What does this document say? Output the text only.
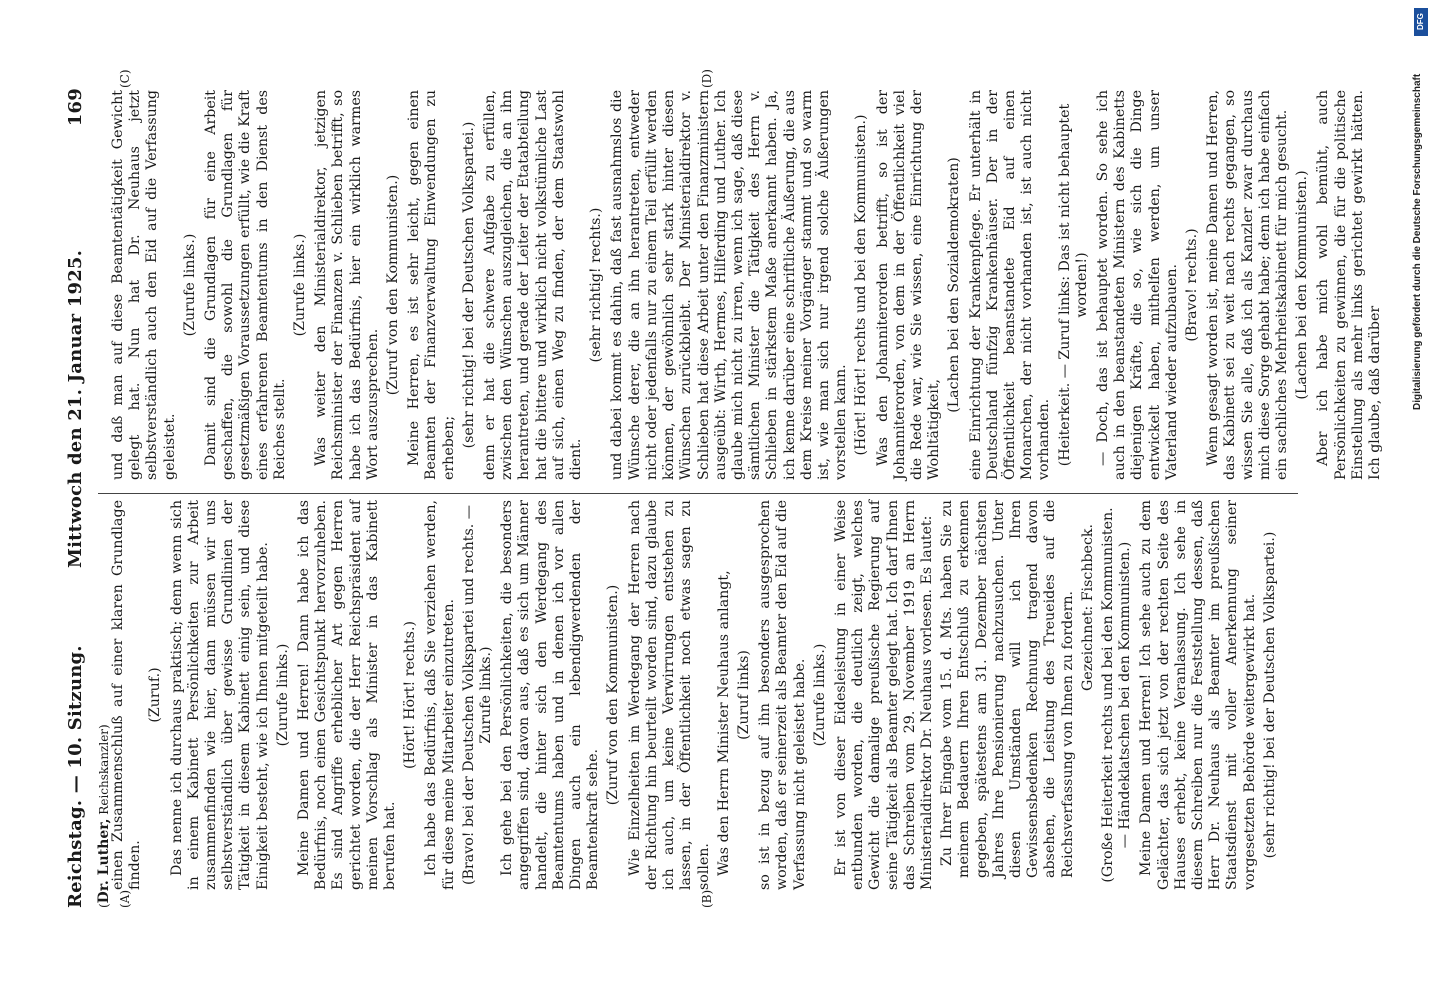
Reichstag. — 10. Sitzung.
Mittwoch den 21. Januar 1925.
169
(Dr. Luther, Reichskanzler)
(A)	(B)
(C)	(D)

einen Zusammenschluß auf einer klaren Grundlage finden.

(Zuruf.) Das nenne ich durchaus praktisch; denn wenn sich in einem Kabinett Persönlichkeiten zur Arbeit zusammenfinden wie hier, dann müssen wir uns selbstverständlich über gewisse Grundlinien der Tätigkeit in diesem Kabinett einig sein, und diese Einigkeit besteht, wie ich Ihnen mitgeteilt habe. (Zurufe links.) Meine Damen und Herren! Dann habe ich das Bedürfnis, noch einen Gesichtspunkt hervorzuheben. Es sind Angriffe erheblicher Art gegen Herren gerichtet worden, die der Herr Reichspräsident auf meinen Vorschlag als Minister in das Kabinett berufen hat.

(Hört! Hört! rechts.) Ich habe das Bedürfnis, daß Sie verziehen werden, für diese meine Mitarbeiter einzutreten. (Bravo! bei der Deutschen Volkspartei und rechts. — Zurufe links.) Ich gehe bei den Persönlichkeiten, die besonders angegriffen sind, davon aus, daß es sich um Männer handelt, die hinter sich den Werdegang des Beamtentums haben und in denen ich vor allen Dingen auch ein lebendigwerdenden der Beamtenkraft sehe.

(Zuruf von den Kommunisten.) Wie Einzelheiten im Werdegang der Herren nach der Richtung hin beurteilt worden sind, dazu glaube ich auch, um keine Verwirrungen entstehen zu lassen, in der Öffentlichkeit noch etwas sagen zu sollen. Was den Herrn Minister Neuhaus anlangt, (Zuruf links) so ist in bezug auf ihn besonders ausgesprochen worden, daß er seinerzeit als Beamter den Eid auf die Verfassung nicht geleistet habe. (Zurufe links.) Er ist von dieser Eidesleistung in einer Weise entbunden worden, die deutlich zeigt, welches Gewicht die damalige preußische Regierung auf seine Tätigkeit als Beamter gelegt hat. Ich darf Ihnen das Schreiben vom 29. November 1919 an Herrn Ministerialdirektor Dr. Neuhaus vorlesen. Es lautet: Zu Ihrer Eingabe vom 15. d. Mts. haben Sie zu meinem Bedauern Ihren Entschluß zu erkennen gegeben, spätestens am 31. Dezember nächsten Jahres Ihre Pensionierung nachzusuchen. Unter diesen Umständen will ich Ihren Gewissensbedenken Rechnung tragend davon absehen, die Leistung des Treueides auf die Reichsverfassung von Ihnen zu fordern. Gezeichnet: Fischbeck. (Große Heiterkeit rechts und bei den Kommunisten. — Händeklatschen bei den Kommunisten.) Meine Damen und Herren! Ich sehe auch zu dem Gelächter, das sich jetzt von der rechten Seite des Hauses erhebt, keine Veranlassung. Ich sehe in diesem Schreiben nur die Feststellung dessen, daß Herr Dr. Neuhaus als Beamter im preußischen Staatsdienst mit voller Anerkennung seiner vorgesetzten Behörde weitergewirkt hat. (sehr richtig! bei der Deutschen Volkspartei.)

und daß man auf diese Beamtentätigkeit Gewicht gelegt hat. Nun hat Dr. Neuhaus jetzt selbstverständlich auch den Eid auf die Verfassung geleistet.

(Zurufe links.) Damit sind die Grundlagen für eine Arbeit geschaffen, die sowohl die Grundlagen für gesetzmäßigen Voraussetzungen erfüllt, wie die Kraft eines erfahrenen Beamtentums in den Dienst des Reiches stellt.

(Zurufe links.) Was weiter den Ministerialdirektor, jetzigen Reichsminister der Finanzen v. Schlieben betrifft, so habe ich das Bedürfnis, hier ein wirklich warmes Wort auszusprechen.

(Zuruf von den Kommunisten.) Meine Herren, es ist sehr leicht, gegen einen Beamten der Finanzverwaltung Einwendungen zu erheben; (sehr richtig! bei der Deutschen Volkspartei.) denn er hat die schwere Aufgabe zu erfüllen, zwischen den Wünschen auszugleichen, die an ihn herantreten, und gerade der Leiter der Etatabteilung hat die bittere und wirklich nicht volkstümliche Last auf sich, einen Weg zu finden, der dem Staatswohl dient.

(sehr richtig! rechts.) und dabei kommt es dahin, daß fast ausnahmslos die Wünsche derer, die an ihn herantreten, entweder nicht oder jedenfalls nur zu einem Teil erfüllt werden können, der gewöhnlich sehr stark hinter diesen Wünschen zurückbleibt. Der Ministerialdirektor v. Schlieben hat diese Arbeit unter den Finanzministern ausgeübt: Wirth, Hermes, Hilferding und Luther. Ich glaube mich nicht zu irren, wenn ich sage, daß diese sämtlichen Minister die Tätigkeit des Herrn v. Schlieben in stärkstem Maße anerkannt haben. Ja, ich kenne darüber eine schriftliche Äußerung, die aus dem Kreise meiner Vorgänger stammt und so warm ist, wie man sich nur irgend solche Äußerungen vorstellen kann. (Hört! Hört! rechts und bei den Kommunisten.) Was den Johanniterorden betrifft, so ist der Johanniterorden, von dem in der Öffentlichkeit viel die Rede war, wie Sie wissen, eine Einrichtung der Wohltätigkeit,

(Lachen bei den Sozialdemokraten) eine Einrichtung der Krankenpflege. Er unterhält in Deutschland fünfzig Krankenhäuser. Der in der Öffentlichkeit beanstandete Eid auf einen Monarchen, der nicht vorhanden ist, ist auch nicht vorhanden. (Heiterkeit. — Zuruf links: Das ist nicht behauptet worden!) — Doch, das ist behauptet worden. So sehe ich auch in den beanstandeten Ministern des Kabinetts diejenigen Kräfte, die so, wie sich die Dinge entwickelt haben, mithelfen werden, um unser Vaterland wieder aufzubauen. (Bravo! rechts.) Wenn gesagt worden ist, meine Damen und Herren, das Kabinett sei zu weit nach rechts gegangen, so wissen Sie alle, daß ich als Kanzler zwar durchaus mich diese Sorge gehabt habe; denn ich habe einfach ein sachliches Mehrheitskabinett für mich gesucht. (Lachen bei den Kommunisten.) Aber ich habe mich wohl bemüht, auch Persönlichkeiten zu gewinnen, die für die politische Einstellung als mehr links gerichtet gewirkt hätten. Ich glaube, daß darüber

DFG
Digitalisierung gefördert durch die Deutsche Forschungsgemeinschaft
